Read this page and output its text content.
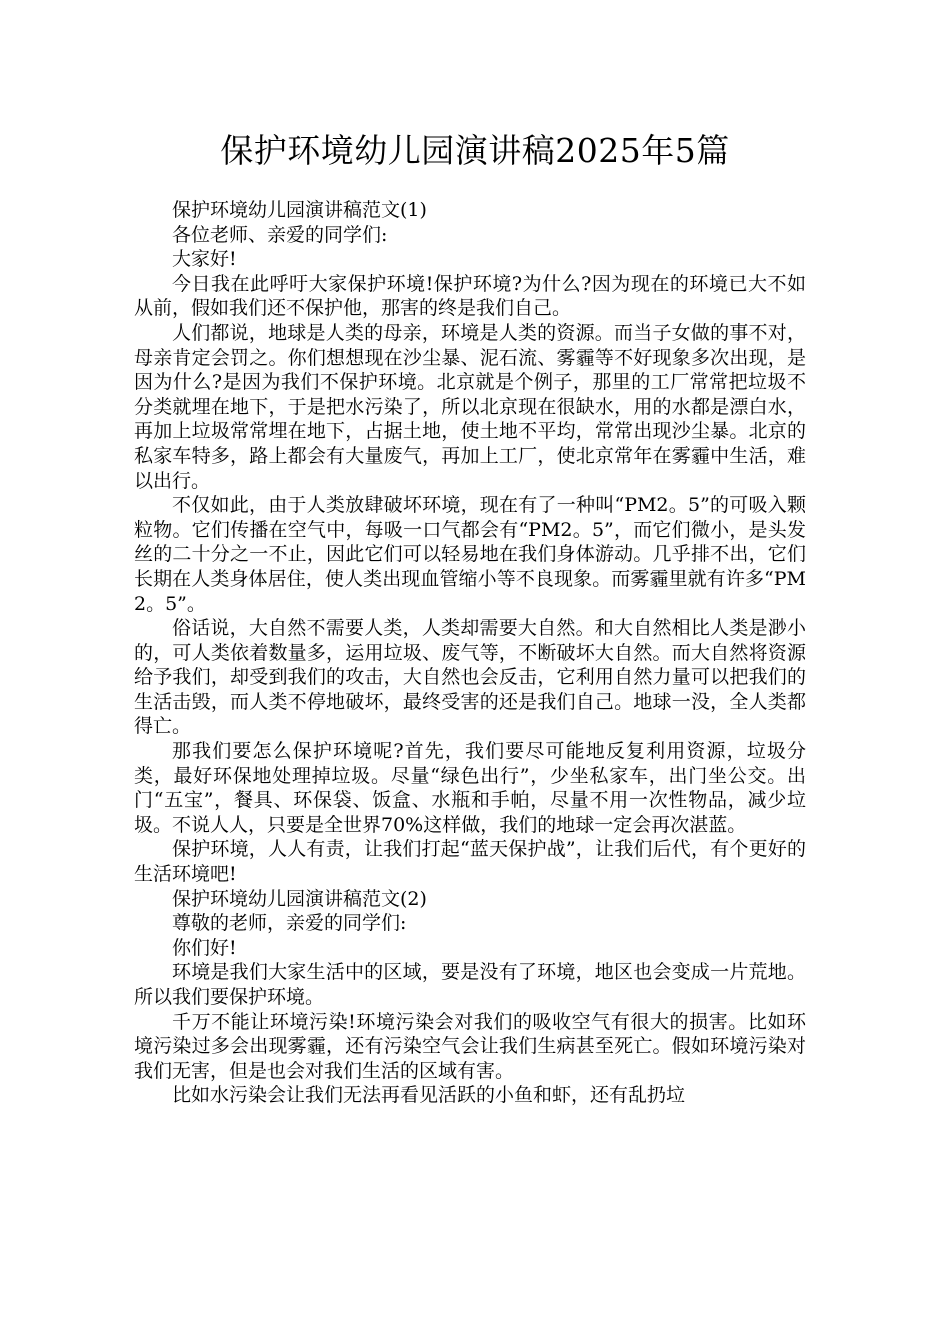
保护环境幼儿园演讲稿2025年5篇

保护环境幼儿园演讲稿范文(1)

各位老师、亲爱的同学们:

大家好!

今日我在此呼吁大家保护环境!保护环境?为什么?因为现在的环境已大不如从前，假如我们还不保护他，那害的终是我们自己。

人们都说，地球是人类的母亲，环境是人类的资源。而当子女做的事不对，母亲肯定会罚之。你们想想现在沙尘暴、泥石流、雾霾等不好现象多次出现，是因为什么?是因为我们不保护环境。北京就是个例子，那里的工厂常常把垃圾不分类就埋在地下，于是把水污染了，所以北京现在很缺水，用的水都是漂白水，再加上垃圾常常埋在地下，占据土地，使土地不平均，常常出现沙尘暴。北京的私家车特多，路上都会有大量废气，再加上工厂，使北京常年在雾霾中生活，难以出行。

不仅如此，由于人类放肆破坏环境，现在有了一种叫“PM2。5”的可吸入颗粒物。它们传播在空气中，每吸一口气都会有“PM2。5”，而它们微小，是头发丝的二十分之一不止，因此它们可以轻易地在我们身体游动。几乎排不出，它们长期在人类身体居住，使人类出现血管缩小等不良现象。而雾霾里就有许多“PM2。5”。

俗话说，大自然不需要人类，人类却需要大自然。和大自然相比人类是渺小的，可人类依着数量多，运用垃圾、废气等，不断破坏大自然。而大自然将资源给予我们，却受到我们的攻击，大自然也会反击，它利用自然力量可以把我们的生活击毁，而人类不停地破坏，最终受害的还是我们自己。地球一没，全人类都得亡。

那我们要怎么保护环境呢?首先，我们要尽可能地反复利用资源，垃圾分类，最好环保地处理掉垃圾。尽量“绿色出行”，少坐私家车，出门坐公交。出门“五宝”，餐具、环保袋、饭盒、水瓶和手帕，尽量不用一次性物品，减少垃圾。不说人人，只要是全世界70%这样做，我们的地球一定会再次湛蓝。

保护环境，人人有责，让我们打起“蓝天保护战”，让我们后代，有个更好的生活环境吧!

保护环境幼儿园演讲稿范文(2)

尊敬的老师，亲爱的同学们:

你们好!

环境是我们大家生活中的区域，要是没有了环境，地区也会变成一片荒地。所以我们要保护环境。

千万不能让环境污染!环境污染会对我们的吸收空气有很大的损害。比如环境污染过多会出现雾霾，还有污染空气会让我们生病甚至死亡。假如环境污染对我们无害，但是也会对我们生活的区域有害。

比如水污染会让我们无法再看见活跃的小鱼和虾，还有乱扔垃
